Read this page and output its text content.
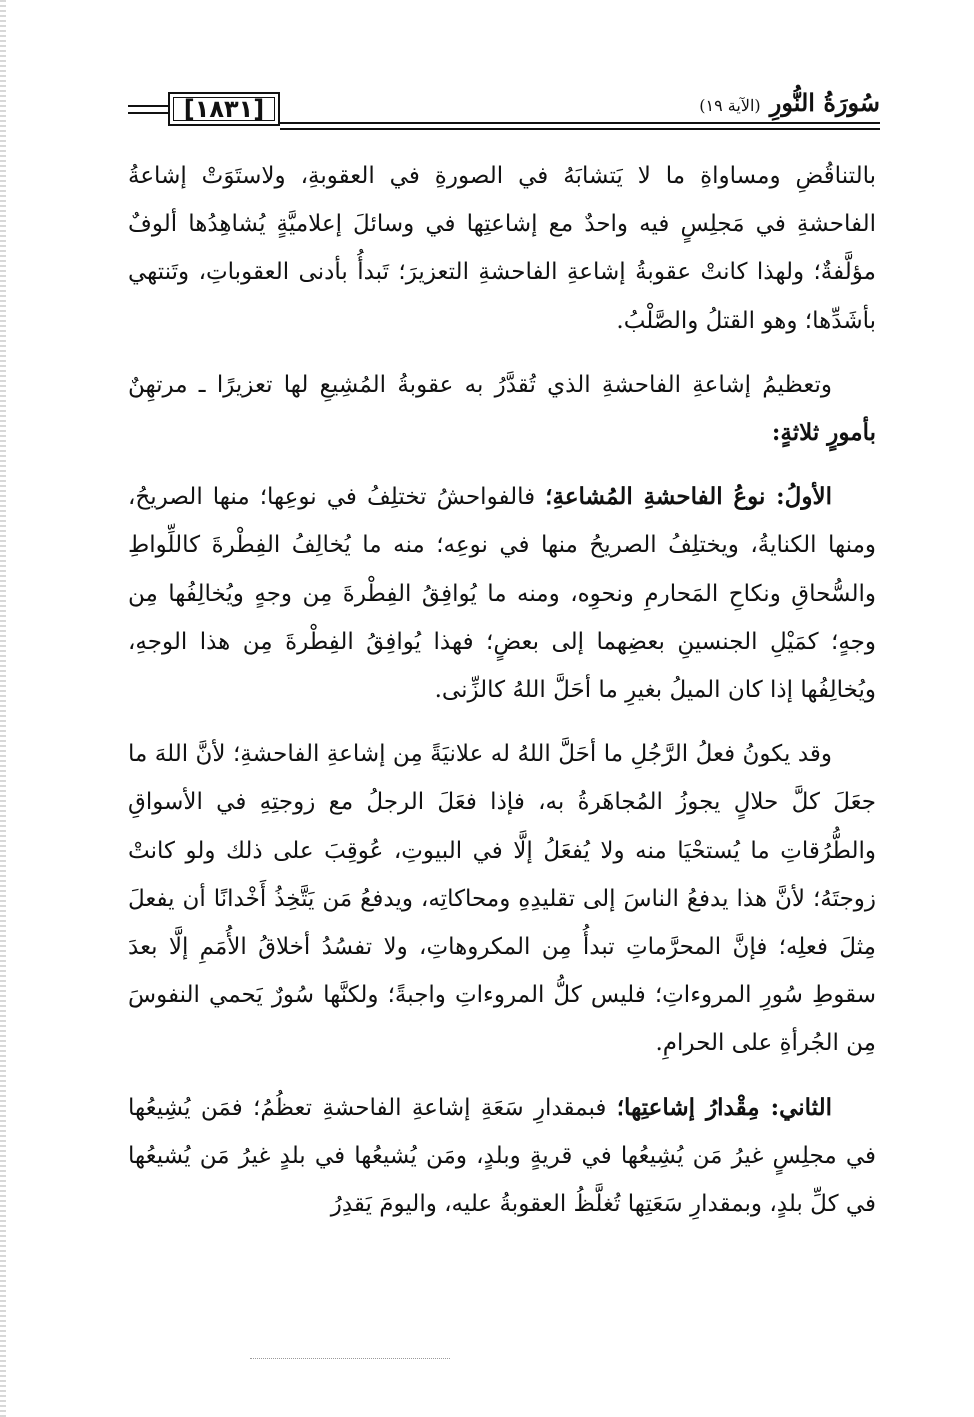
[١٨٣١]	سُورَةُ النُّورِ (الآية ١٩)

بالتناقُضِ ومساواةِ ما لا يَتشابَهُ في الصورةِ في العقوبةِ، ولاستَوَتْ إشاعةُ الفاحشةِ في مَجلِسٍ فيه واحدٌ مع إشاعتِها في وسائلَ إعلاميَّةٍ يُشاهِدُها ألوفٌ مؤلَّفةٌ؛ ولهذا كانتْ عقوبةُ إشاعةِ الفاحشةِ التعزيرَ؛ تَبدأُ بأدنى العقوباتِ، وتَنتهي بأشَدِّها؛ وهو القتلُ والصَّلْبُ.

وتعظيمُ إشاعةِ الفاحشةِ الذي تُقدَّرُ به عقوبةُ المُشِيعِ لها تعزيرًا ـ مرتهِنٌ بأمورٍ ثلاثةٍ:

الأولُ: نوعُ الفاحشةِ المُشاعةِ؛ فالفواحشُ تختلِفُ في نوعِها؛ منها الصريحُ، ومنها الكنايةُ، ويختلِفُ الصريحُ منها في نوعِه؛ منه ما يُخالِفُ الفِطْرةَ كاللِّواطِ والسُّحاقِ ونكاحِ المَحارمِ ونحوِه، ومنه ما يُوافِقُ الفِطْرةَ مِن وجهٍ ويُخالِفُها مِن وجهٍ؛ كمَيْلِ الجنسينِ بعضِهما إلى بعضٍ؛ فهذا يُوافِقُ الفِطْرةَ مِن هذا الوجهِ، ويُخالِفُها إذا كان الميلُ بغيرِ ما أحَلَّ اللهُ كالزِّنى.

وقد يكونُ فعلُ الرَّجُلِ ما أحَلَّ اللهُ له علانيَةً مِن إشاعةِ الفاحشةِ؛ لأنَّ اللهَ ما جعَلَ كلَّ حلالٍ يجوزُ المُجاهَرةُ به، فإذا فعَلَ الرجلُ مع زوجتِهِ في الأسواقِ والطُّرُقاتِ ما يُستحْيَا منه ولا يُفعَلُ إلَّا في البيوتِ، عُوقِبَ على ذلك ولو كانتْ زوجتَهُ؛ لأنَّ هذا يدفعُ الناسَ إلى تقليدِهِ ومحاكاتِه، ويدفعُ مَن يَتَّخِذُ أَخْدانًا أن يفعلَ مِثلَ فعلِه؛ فإنَّ المحرَّماتِ تبدأُ مِن المكروهاتِ، ولا تفسُدُ أخلاقُ الأُمَمِ إلَّا بعدَ سقوطِ سُورِ المروءاتِ؛ فليس كلُّ المروءاتِ واجبةً؛ ولكنَّها سُورٌ يَحمي النفوسَ مِن الجُرأةِ على الحرامِ.

الثاني: مِقْدارُ إشاعتِها؛ فبمقدارِ سَعَةِ إشاعةِ الفاحشةِ تعظُمُ؛ فمَن يُشِيعُها في مجلِسٍ غيرُ مَن يُشِيعُها في قريةٍ وبلدٍ، ومَن يُشيعُها في بلدٍ غيرُ مَن يُشيعُها في كلِّ بلدٍ، وبمقدارِ سَعَتِها تُغلَّظُ العقوبةُ عليه، واليومَ يَقدِرُ
